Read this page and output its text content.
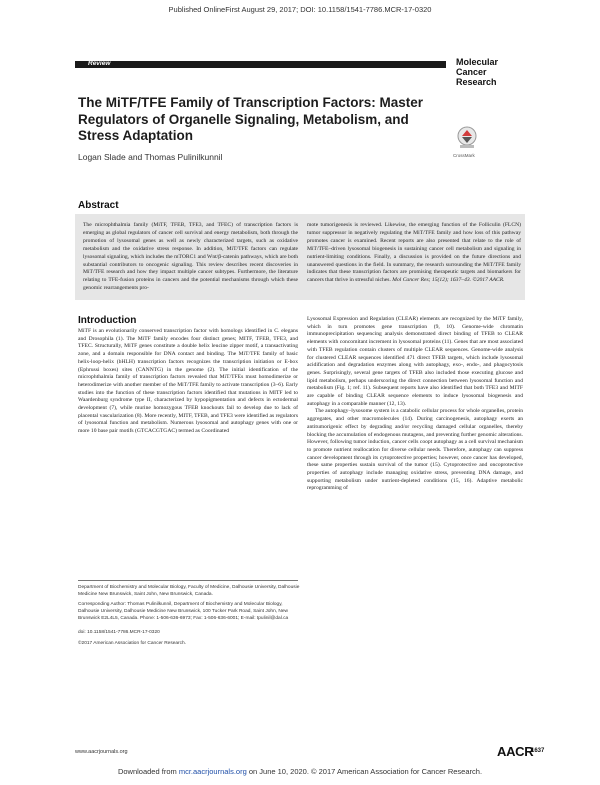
Published OnlineFirst August 29, 2017; DOI: 10.1158/1541-7786.MCR-17-0320
Review	Molecular
Cancer
Research
The MiTF/TFE Family of Transcription Factors: Master Regulators of Organelle Signaling, Metabolism, and Stress Adaptation
Logan Slade and Thomas Pulinilkunnil	CrossMark
Abstract
The microphthalmia family (MiTF, TFEB, TFE3, and TFEC) of transcription factors is emerging as global regulators of cancer cell survival and energy metabolism, both through the promotion of lysosomal genes as well as newly characterized targets, such as oxidative metabolism and the oxidative stress response. In addition, MiT/TFE factors can regulate lysosomal signaling, which includes the mTORC1 and Wnt/β-catenin pathways, which are both substantial contributors to oncogenic signaling. This review describes recent discoveries in MiT/TFE research and how they impact multiple cancer subtypes. Furthermore, the literature relating to TFE-fusion proteins in cancers and the potential mechanisms through which these genomic rearrangements pro-
mote tumorigenesis is reviewed. Likewise, the emerging function of the Folliculin (FLCN) tumor suppressor in negatively regulating the MiT/TFE family and how loss of this pathway promotes cancer is examined. Recent reports are also presented that relate to the role of MiT/TFE–driven lysosomal biogenesis in sustaining cancer cell metabolism and signaling in nutrient-limiting conditions. Finally, a discussion is provided on the future directions and unanswered questions in the field. In summary, the research surrounding the MiT/TFE family indicates that these transcription factors are promising therapeutic targets and biomarkers for cancers that thrive in stressful niches. Mol Cancer Res; 15(12); 1637–43. ©2017 AACR.
Introduction
MiTF is an evolutionarily conserved transcription factor with homologs identified in C. elegans and Drosophila (1). The MiTF family encodes four distinct genes; MITF, TFEB, TFE3, and TFEC. Structurally, MiTF genes constitute a double helix leucine zipper motif, a transactivating zone, and a domain responsible for DNA contact and binding. The MiT/TFE family of basic helix-loop-helix (bHLH) transcription factors recognizes the transcription initiation or E-box (Ephrussi boxes) sites (CANNTG) in the genome (2). The initial identification of the microphthalmia family of transcription factors revealed that MiT/TFEs must homodimerize or heterodimerize with another member of the MiT/TFE family to activate transcription (3–6). Early studies into the function of these transcription factors identified that mutations in MITF led to Waardenburg syndrome type II, characterized by hypopigmentation and defects in ectodermal development (7), while murine homozygous TFEB knockouts fail to develop due to lack of placental vascularization (8). More recently, MITF, TFEB, and TFE3 were identified as regulators of lysosomal function and metabolism. Numerous lysosomal and autophagy genes with one or more 10 base pair motifs (GTCACGTGAC) termed as Coordinated
Lysosomal Expression and Regulation (CLEAR) elements are recognized by the MiTF family, which in turn promotes gene transcription (9, 10). Genome-wide chromatin immunoprecipitation sequencing analysis demonstrated direct binding of TFEB to CLEAR elements with concomitant increment in lysosomal proteins (11). Genes that are most associated with TFEB regulation contain clusters of multiple CLEAR sequences. Genome-wide analysis for clustered CLEAR sequences identified 471 direct TFEB targets, which include lysosomal acidification and degradation enzymes along with autophagy, exo-, endo-, and phagocytosis genes. Surprisingly, several gene targets of TFEB also included those executing glucose and lipid metabolism, perhaps underscoring the direct connection between lysosomal function and metabolism (Fig. 1; ref. 11). Subsequent reports have also identified that both TFE3 and MITF are capable of binding CLEAR sequence elements to induce lysosomal biogenesis and autophagy in a comparable manner (12, 13).
The autophagy–lysosome system is a catabolic cellular process for whole organelles, protein aggregates, and other macromolecules (14). During carcinogenesis, autophagy exerts an antitumorigenic effect by degrading and/or recycling damaged cellular organelles, thereby blocking the accumulation of endogenous mutagens, and preventing further genomic alterations. However, following tumor induction, cancer cells coopt autophagy as a cell survival mechanism to promote nutrient reallocation for diverse cellular needs. Therefore, autophagy can suppress cancer development through its cytoprotective properties; however, once cancer has developed, these same properties sustain survival of the tumor (15). Cytoprotective and oncoprotective properties of autophagy include managing oxidative stress, preventing DNA damage, and supporting metabolism under nutrient-depleted conditions (15, 16). Adaptive metabolic reprogramming of
Department of Biochemistry and Molecular Biology, Faculty of Medicine, Dalhousie University, Dalhousie Medicine New Brunswick, Saint John, New Brunswick, Canada.
Corresponding Author: Thomas Pulinilkunnil, Department of Biochemistry and Molecular Biology, Dalhousie University, Dalhousie Medicine New Brunswick, 100 Tucker Park Road, Saint John, New Brunswick E2L4L5, Canada. Phone: 1-506-636-6973; Fax: 1-506-636-6001; E-mail: tpulinil@dal.ca
doi: 10.1158/1541-7786.MCR-17-0320
©2017 American Association for Cancer Research.
www.aacrjournals.org	AACR
1637
Downloaded from mcr.aacrjournals.org on June 10, 2020. © 2017 American Association for Cancer Research.
